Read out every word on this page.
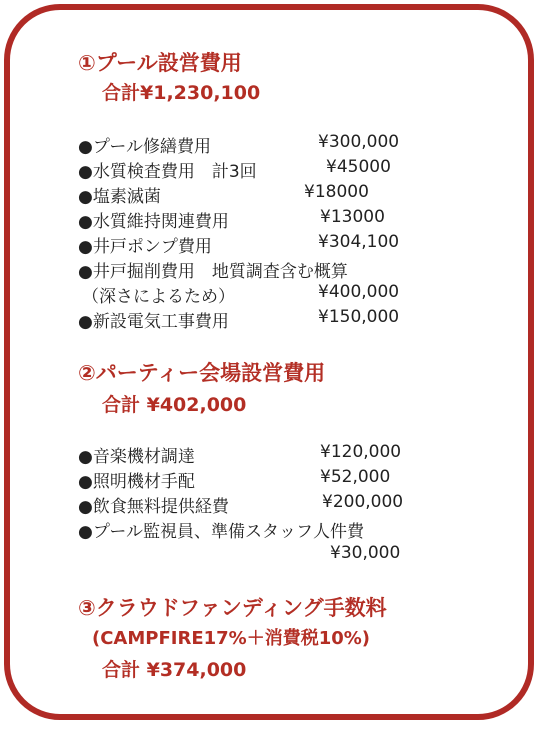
①プール設営費用
合計¥1,230,100
●プール修繕費用	¥300,000
●水質検査費用　計3回	¥45000
●塩素滅菌	¥18000
●水質維持関連費用	¥13000
●井戸ポンプ費用	¥304,100
●井戸掘削費用　地質調査含む概算
（深さによるため）	¥400,000
●新設電気工事費用	¥150,000
②パーティー会場設営費用
合計 ¥402,000
●音楽機材調達	¥120,000
●照明機材手配	¥52,000
●飲食無料提供経費	¥200,000
●プール監視員、準備スタッフ人件費
¥30,000
③クラウドファンディング手数料
(CAMPFIRE17%＋消費税10%)
合計 ¥374,000
